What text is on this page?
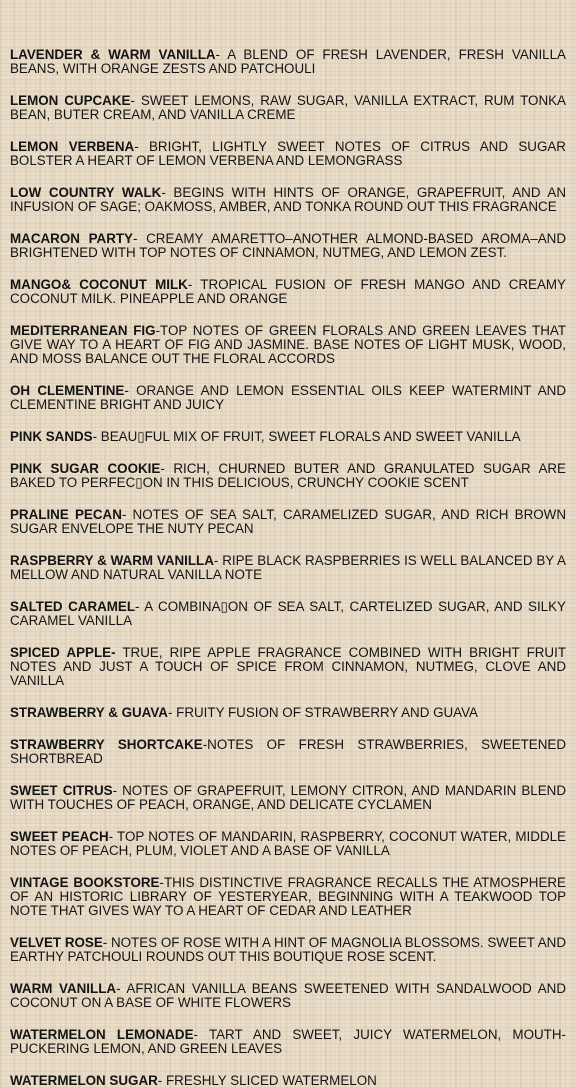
LAVENDER & WARM VANILLA- A BLEND OF FRESH LAVENDER, FRESH VANILLA BEANS, WITH ORANGE ZESTS AND PATCHOULI

LEMON CUPCAKE- SWEET LEMONS, RAW SUGAR, VANILLA EXTRACT, RUM TONKA BEAN, BUTER CREAM, AND VANILLA CREME

LEMON VERBENA- BRIGHT, LIGHTLY SWEET NOTES OF CITRUS AND SUGAR BOLSTER A HEART OF LEMON VERBENA AND LEMONGRASS

LOW COUNTRY WALK- BEGINS WITH HINTS OF ORANGE, GRAPEFRUIT, AND AN INFUSION OF SAGE; OAKMOSS, AMBER, AND TONKA ROUND OUT THIS FRAGRANCE

MACARON PARTY- CREAMY AMARETTO–ANOTHER ALMOND-BASED AROMA–AND BRIGHTENED WITH TOP NOTES OF CINNAMON, NUTMEG, AND LEMON ZEST.

MANGO& COCONUT MILK- TROPICAL FUSION OF FRESH MANGO AND CREAMY COCONUT MILK. PINEAPPLE AND ORANGE

MEDITERRANEAN FIG-TOP NOTES OF GREEN FLORALS AND GREEN LEAVES THAT GIVE WAY TO A HEART OF FIG AND JASMINE. BASE NOTES OF LIGHT MUSK, WOOD, AND MOSS BALANCE OUT THE FLORAL ACCORDS

OH CLEMENTINE- ORANGE AND LEMON ESSENTIAL OILS KEEP WATERMINT AND CLEMENTINE BRIGHT AND JUICY

PINK SANDS- BEAU▯FUL MIX OF FRUIT, SWEET FLORALS AND SWEET VANILLA

PINK SUGAR COOKIE- RICH, CHURNED BUTER AND GRANULATED SUGAR ARE BAKED TO PERFEC▯ON IN THIS DELICIOUS, CRUNCHY COOKIE SCENT

PRALINE PECAN- NOTES OF SEA SALT, CARAMELIZED SUGAR, AND RICH BROWN SUGAR ENVELOPE THE NUTY PECAN

RASPBERRY & WARM VANILLA- RIPE BLACK RASPBERRIES IS WELL BALANCED BY A MELLOW AND NATURAL VANILLA NOTE

SALTED CARAMEL- A COMBINA▯ON OF SEA SALT, CARTELIZED SUGAR, AND SILKY CARAMEL VANILLA

SPICED APPLE- TRUE, RIPE APPLE FRAGRANCE COMBINED WITH BRIGHT FRUIT NOTES AND JUST A TOUCH OF SPICE FROM CINNAMON, NUTMEG, CLOVE AND VANILLA

STRAWBERRY & GUAVA- FRUITY FUSION OF STRAWBERRY AND GUAVA

STRAWBERRY SHORTCAKE-NOTES OF FRESH STRAWBERRIES, SWEETENED SHORTBREAD

SWEET CITRUS- NOTES OF GRAPEFRUIT, LEMONY CITRON, AND MANDARIN BLEND WITH TOUCHES OF PEACH, ORANGE, AND DELICATE CYCLAMEN

SWEET PEACH- TOP NOTES OF MANDARIN, RASPBERRY, COCONUT WATER, MIDDLE NOTES OF PEACH, PLUM, VIOLET AND A BASE OF VANILLA

VINTAGE BOOKSTORE-THIS DISTINCTIVE FRAGRANCE RECALLS THE ATMOSPHERE OF AN HISTORIC LIBRARY OF YESTERYEAR, BEGINNING WITH A TEAKWOOD TOP NOTE THAT GIVES WAY TO A HEART OF CEDAR AND LEATHER

VELVET ROSE- NOTES OF ROSE WITH A HINT OF MAGNOLIA BLOSSOMS. SWEET AND EARTHY PATCHOULI ROUNDS OUT THIS BOUTIQUE ROSE SCENT.

WARM VANILLA- AFRICAN VANILLA BEANS SWEETENED WITH SANDALWOOD AND COCONUT ON A BASE OF WHITE FLOWERS

WATERMELON LEMONADE- TART AND SWEET, JUICY WATERMELON, MOUTH-PUCKERING LEMON, AND GREEN LEAVES

WATERMELON SUGAR- FRESHLY SLICED WATERMELON
